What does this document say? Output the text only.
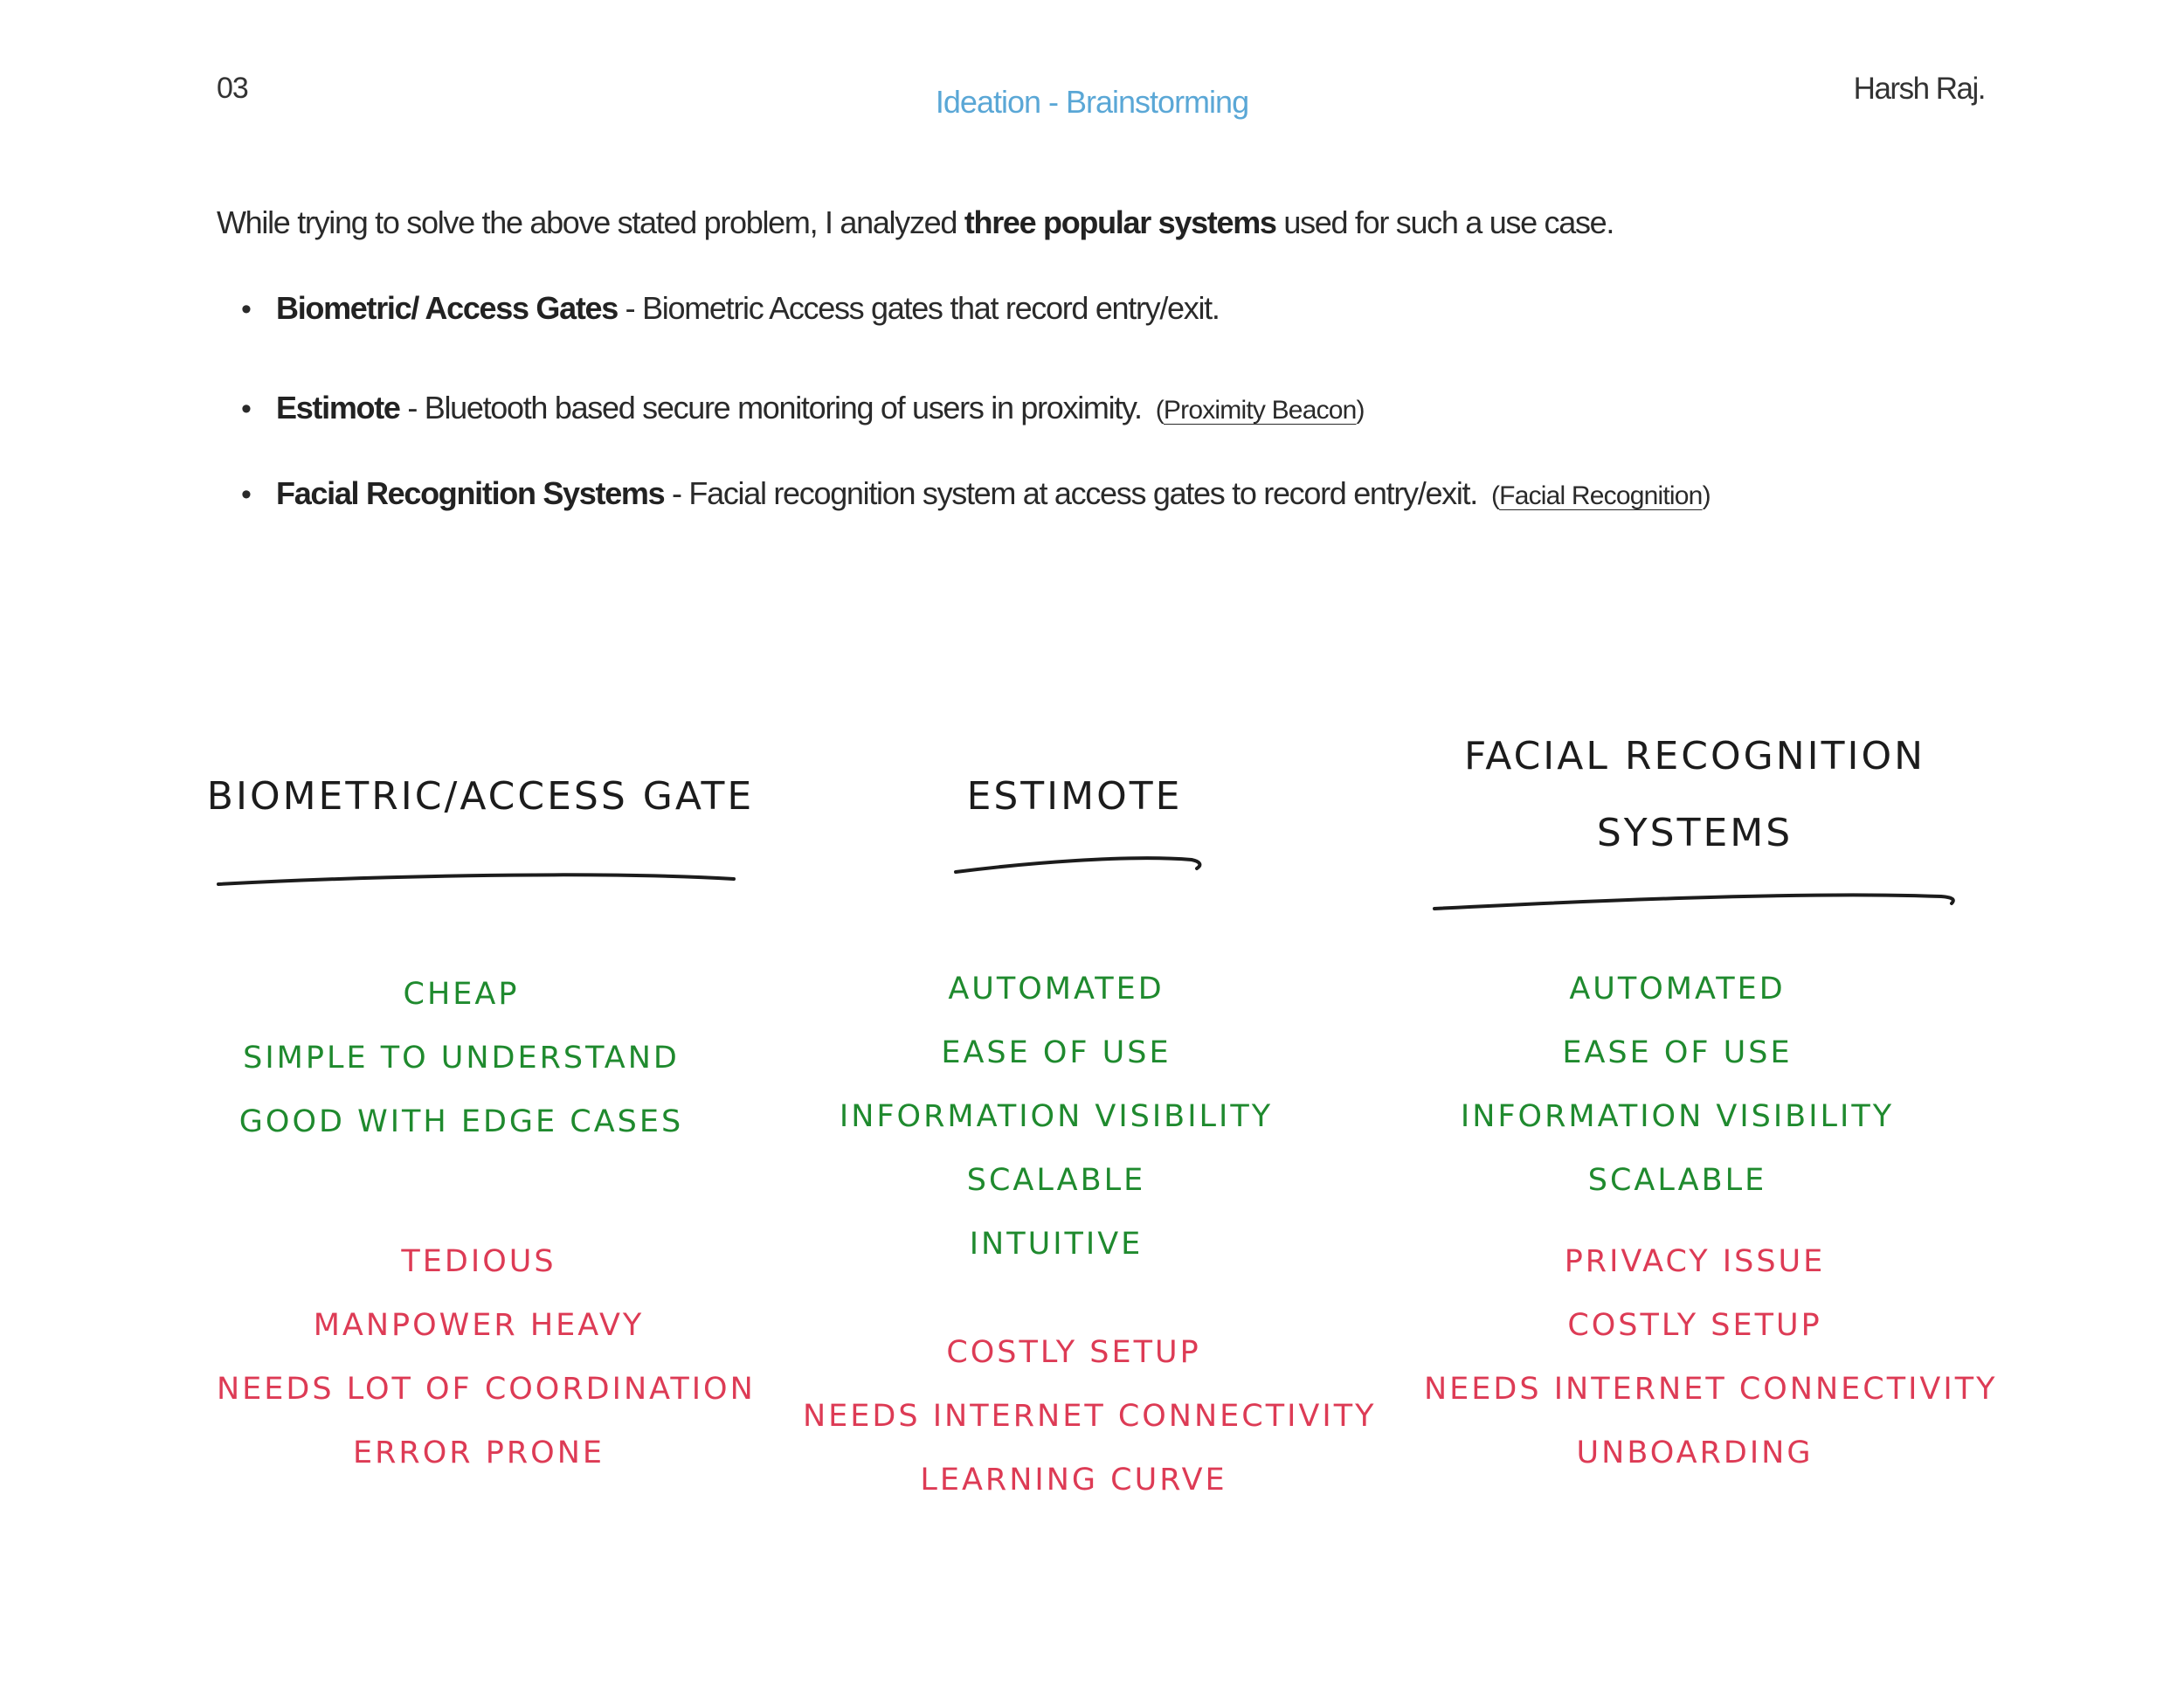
03	Ideation - Brainstorming	Harsh Raj.
While trying to solve the above stated problem, I analyzed three popular systems used for such a use case.
• Biometric/ Access Gates - Biometric Access gates that record entry/exit.
• Estimote - Bluetooth based secure monitoring of users in proximity. (Proximity Beacon)
• Facial Recognition Systems - Facial recognition system at access gates to record entry/exit. (Facial Recognition)
BIOMETRIC/ACCESS GATE
CHEAP
SIMPLE TO UNDERSTAND
GOOD WITH EDGE CASES
TEDIOUS
MANPOWER HEAVY
NEEDS LOT OF COORDINATION
ERROR PRONE
ESTIMOTE
AUTOMATED
EASE OF USE
INFORMATION VISIBILITY
SCALABLE
INTUITIVE
COSTLY SETUP
NEEDS INTERNET CONNECTIVITY
LEARNING CURVE
FACIAL RECOGNITION
SYSTEMS
AUTOMATED
EASE OF USE
INFORMATION VISIBILITY
SCALABLE
PRIVACY ISSUE
COSTLY SETUP
NEEDS INTERNET CONNECTIVITY
UNBOARDING
